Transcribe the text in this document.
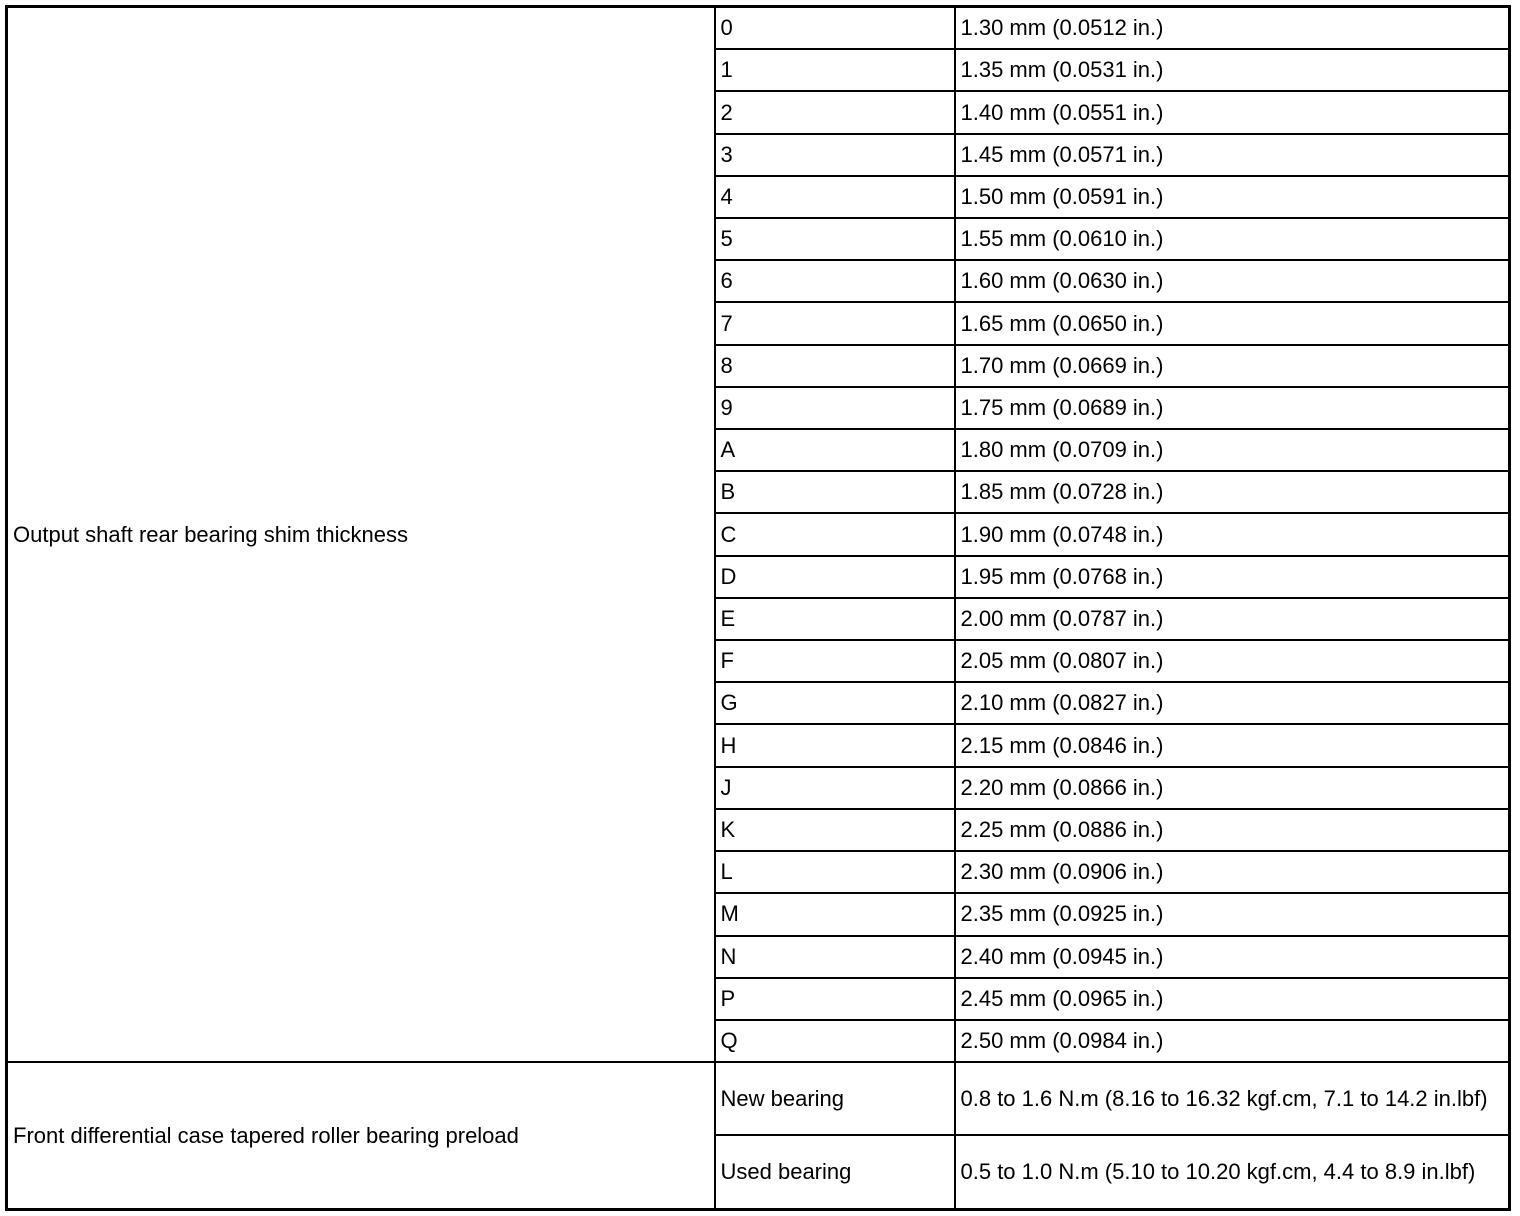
Output shaft rear bearing shim thickness	0	1.30 mm (0.0512 in.)
	1	1.35 mm (0.0531 in.)
	2	1.40 mm (0.0551 in.)
	3	1.45 mm (0.0571 in.)
	4	1.50 mm (0.0591 in.)
	5	1.55 mm (0.0610 in.)
	6	1.60 mm (0.0630 in.)
	7	1.65 mm (0.0650 in.)
	8	1.70 mm (0.0669 in.)
	9	1.75 mm (0.0689 in.)
	A	1.80 mm (0.0709 in.)
	B	1.85 mm (0.0728 in.)
	C	1.90 mm (0.0748 in.)
	D	1.95 mm (0.0768 in.)
	E	2.00 mm (0.0787 in.)
	F	2.05 mm (0.0807 in.)
	G	2.10 mm (0.0827 in.)
	H	2.15 mm (0.0846 in.)
	J	2.20 mm (0.0866 in.)
	K	2.25 mm (0.0886 in.)
	L	2.30 mm (0.0906 in.)
	M	2.35 mm (0.0925 in.)
	N	2.40 mm (0.0945 in.)
	P	2.45 mm (0.0965 in.)
	Q	2.50 mm (0.0984 in.)
Front differential case tapered roller bearing preload	New bearing	0.8 to 1.6 N.m (8.16 to 16.32 kgf.cm, 7.1 to 14.2 in.lbf)
	Used bearing	0.5 to 1.0 N.m (5.10 to 10.20 kgf.cm, 4.4 to 8.9 in.lbf)
